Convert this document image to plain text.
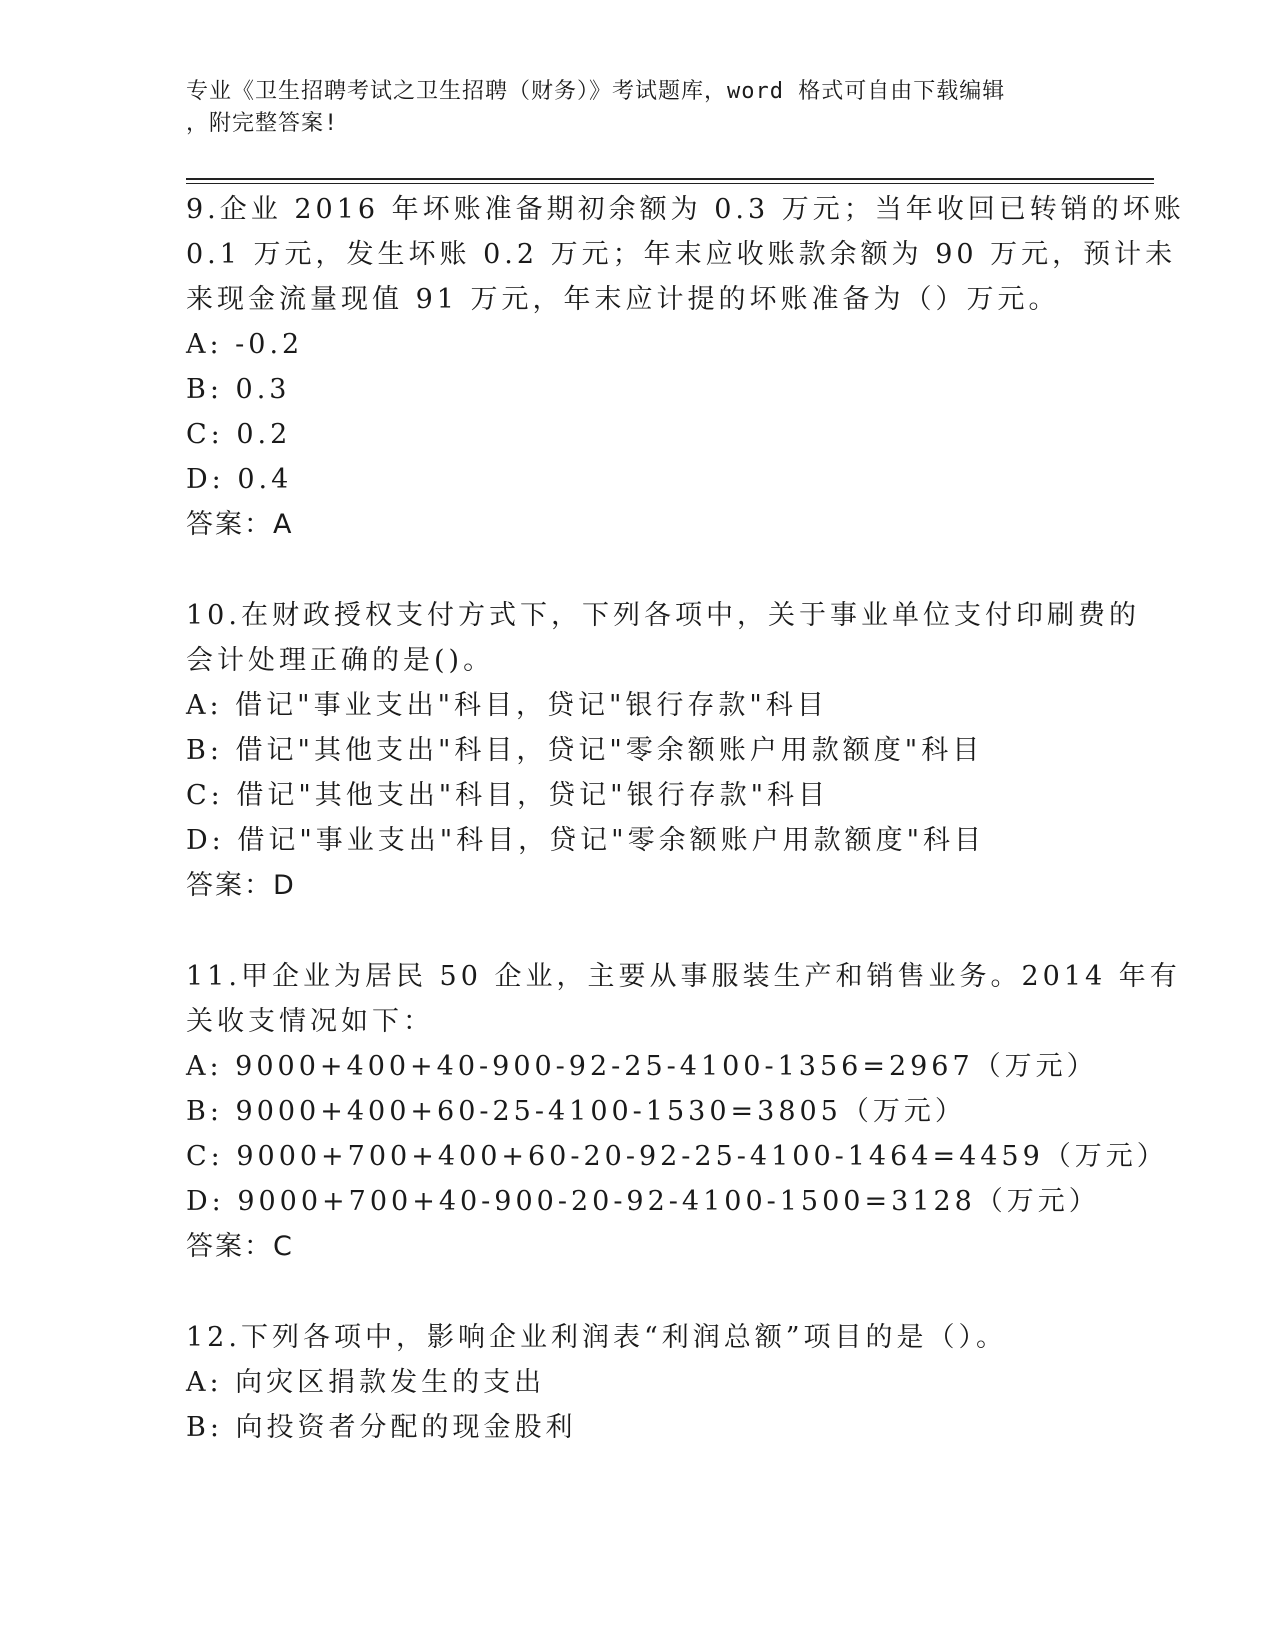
专业《卫生招聘考试之卫生招聘（财务）》考试题库，word 格式可自由下载编辑
，附完整答案!
9.企业 2016 年坏账准备期初余额为 0.3 万元；当年收回已转销的坏账
0.1 万元，发生坏账 0.2 万元；年末应收账款余额为 90 万元，预计未
来现金流量现值 91 万元，年末应计提的坏账准备为（）万元。
A: -0.2
B: 0.3
C: 0.2
D: 0.4
答案：A
10.在财政授权支付方式下，下列各项中，关于事业单位支付印刷费的
会计处理正确的是()。
A: 借记"事业支出"科目，贷记"银行存款"科目
B: 借记"其他支出"科目，贷记"零余额账户用款额度"科目
C: 借记"其他支出"科目，贷记"银行存款"科目
D: 借记"事业支出"科目，贷记"零余额账户用款额度"科目
答案：D
11.甲企业为居民 50 企业，主要从事服装生产和销售业务。2014 年有
关收支情况如下：
A: 9000+400+40-900-92-25-4100-1356=2967（万元）
B: 9000+400+60-25-4100-1530=3805（万元）
C: 9000+700+400+60-20-92-25-4100-1464=4459（万元）
D: 9000+700+40-900-20-92-4100-1500=3128（万元）
答案：C
12.下列各项中，影响企业利润表“利润总额”项目的是（）。
A: 向灾区捐款发生的支出
B: 向投资者分配的现金股利
